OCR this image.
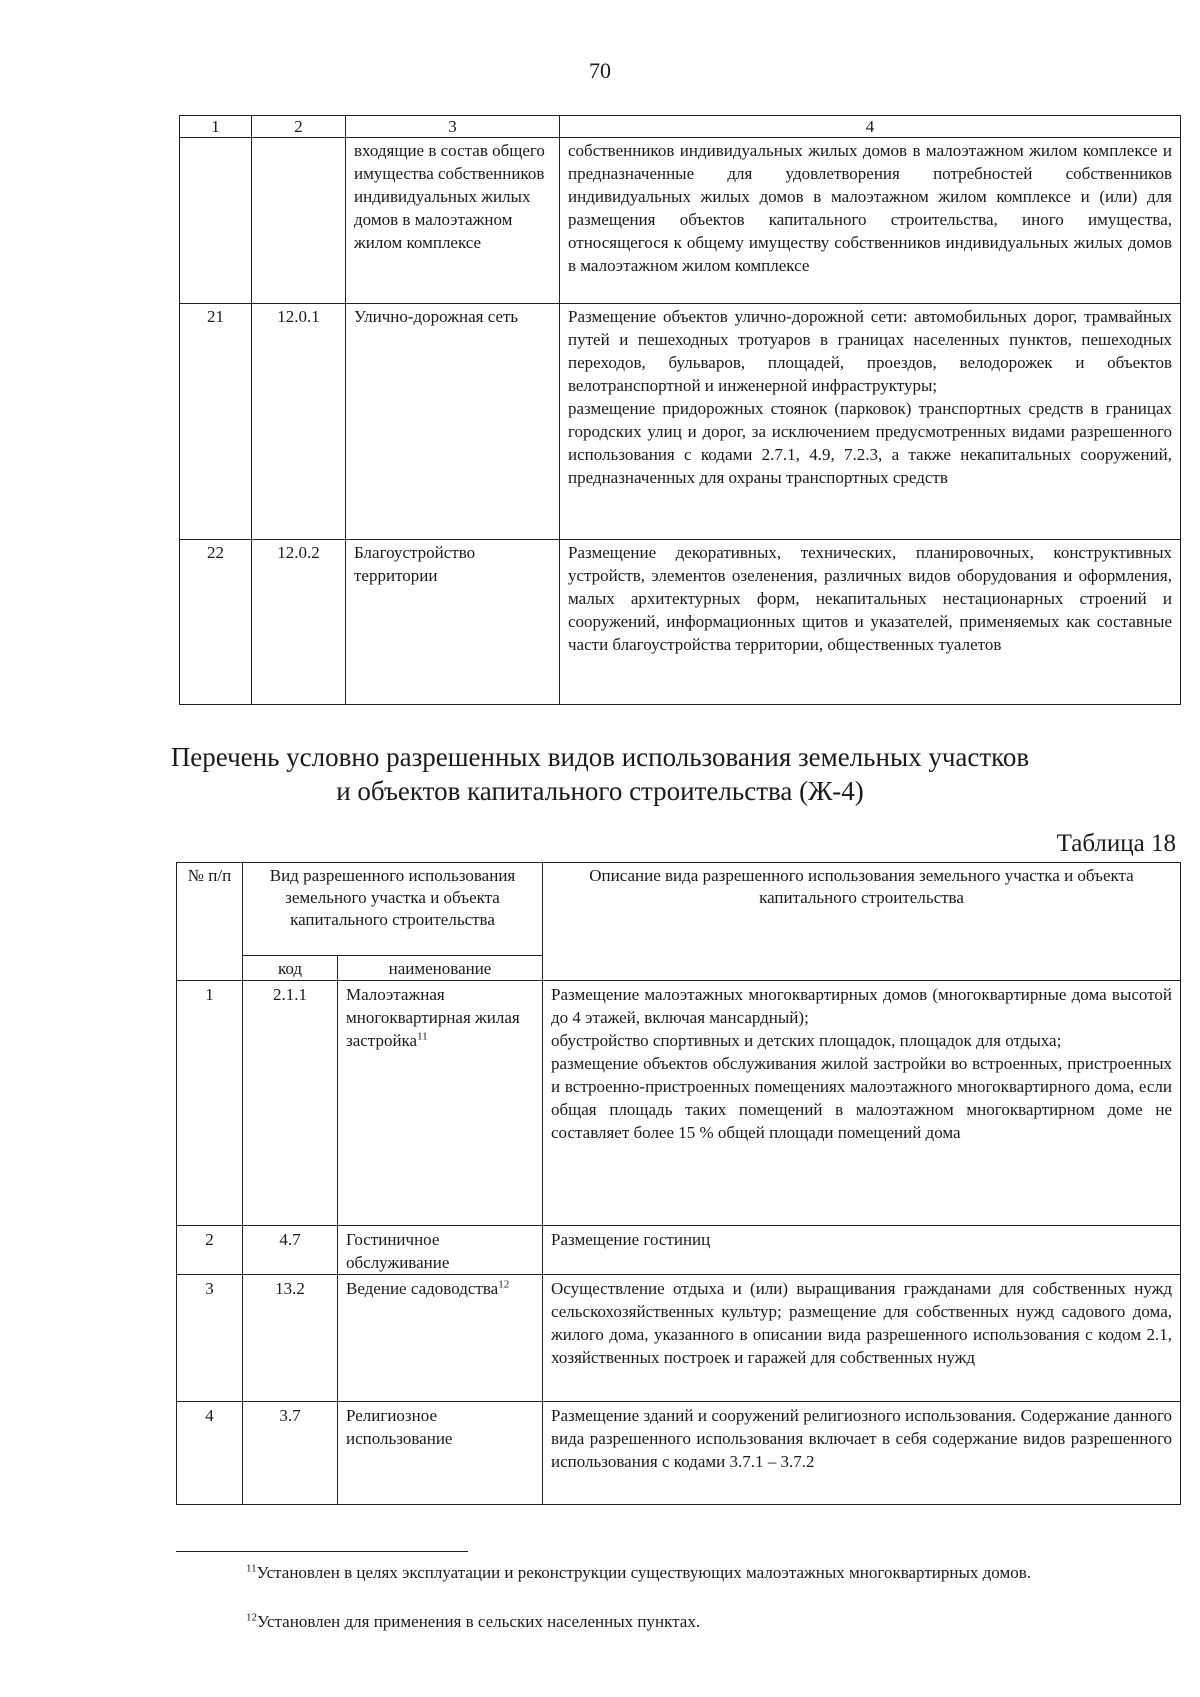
70
1	2	3	4
		входящие в состав общего имущества собственников индивидуальных жилых домов в малоэтажном жилом комплексе	собственников индивидуальных жилых домов в малоэтажном жилом комплексе и предназначенные для удовлетворения потребностей собственников индивидуальных жилых домов в малоэтажном жилом комплексе и (или) для размещения объектов капитального строительства, иного имущества, относящегося к общему имуществу собственников индивидуальных жилых домов в малоэтажном жилом комплексе

21	12.0.1	Улично-дорожная сеть	Размещение объектов улично-дорожной сети: автомобильных дорог, трамвайных путей и пешеходных тротуаров в границах населенных пунктов, пешеходных переходов, бульваров, площадей, проездов, велодорожек и объектов велотранспортной и инженерной инфраструктуры;

размещение придорожных стоянок (парковок) транспортных средств в границах городских улиц и дорог, за исключением предусмотренных видами разрешенного использования с кодами 2.7.1, 4.9, 7.2.3, а также некапитальных сооружений, предназначенных для охраны транспортных средств

22	12.0.2	Благоустройство территории	Размещение декоративных, технических, планировочных, конструктивных устройств, элементов озеленения, различных видов оборудования и оформления, малых архитектурных форм, некапитальных нестационарных строений и сооружений, информационных щитов и указателей, применяемых как составные части благоустройства территории, общественных туалетов

Перечень условно разрешенных видов использования земельных участков
и объектов капитального строительства (Ж-4)
Таблица 18
№ п/п	Вид разрешенного использования земельного участка и объекта капитального строительства		Описание вида разрешенного использования земельного участка и объекта капитального строительства
	код	наименование	
1	2.1.1	Малоэтажная многоквартирная жилая застройка$^{11}$	Размещение малоэтажных многоквартирных домов (многоквартирные дома высотой до 4 этажей, включая мансардный);

обустройство спортивных и детских площадок, площадок для отдыха;

размещение объектов обслуживания жилой застройки во встроенных, пристроенных и встроенно-пристроенных помещениях малоэтажного многоквартирного дома, если общая площадь таких помещений в малоэтажном многоквартирном доме не составляет более 15 % общей площади помещений дома

2	4.7	Гостиничное обслуживание	Размещение гостиниц

3	13.2	Ведение садоводства$^{12}$	Осуществление отдыха и (или) выращивания гражданами для собственных нужд сельскохозяйственных культур; размещение для собственных нужд садового дома, жилого дома, указанного в описании вида разрешенного использования с кодом 2.1, хозяйственных построек и гаражей для собственных нужд

4	3.7	Религиозное использование	Размещение зданий и сооружений религиозного использования. Содержание данного вида разрешенного использования включает в себя содержание видов разрешенного использования с кодами 3.7.1 – 3.7.2

$^{11}$Установлен в целях эксплуатации и реконструкции существующих малоэтажных многоквартирных домов.
$^{12}$Установлен для применения в сельских населенных пунктах.
